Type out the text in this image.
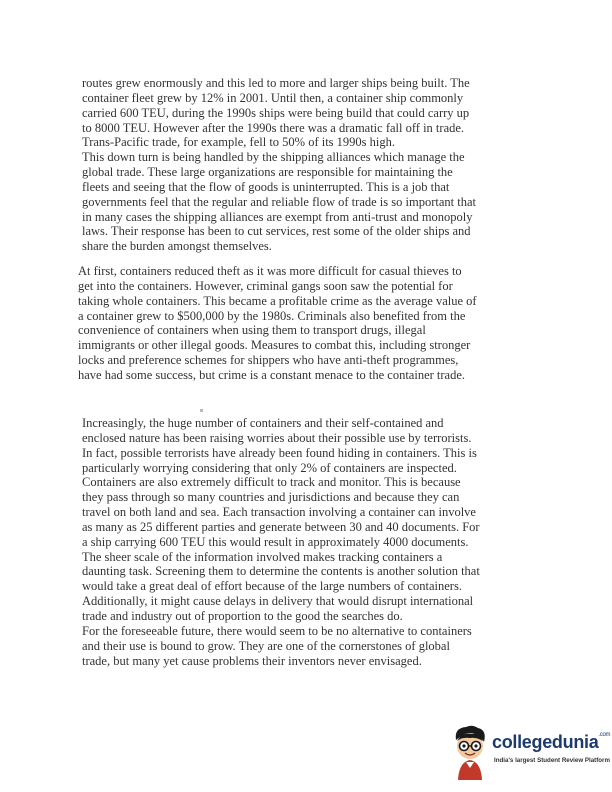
routes grew enormously and this led to more and larger ships being built. The
container fleet grew by 12% in 2001. Until then, a container ship commonly
carried 600 TEU, during the 1990s ships were being build that could carry up
to 8000 TEU. However after the 1990s there was a dramatic fall off in trade.
Trans-Pacific trade, for example, fell to 50% of its 1990s high.
This down turn is being handled by the shipping alliances which manage the
global trade. These large organizations are responsible for maintaining the
fleets and seeing that the flow of goods is uninterrupted. This is a job that
governments feel that the regular and reliable flow of trade is so important that
in many cases the shipping alliances are exempt from anti-trust and monopoly
laws. Their response has been to cut services, rest some of the older ships and
share the burden amongst themselves.
At first, containers reduced theft as it was more difficult for casual thieves to
get into the containers. However, criminal gangs soon saw the potential for
taking whole containers. This became a profitable crime as the average value of
a container grew to $500,000 by the 1980s. Criminals also benefited from the
convenience of containers when using them to transport drugs, illegal
immigrants or other illegal goods. Measures to combat this, including stronger
locks and preference schemes for shippers who have anti-theft programmes,
have had some success, but crime is a constant menace to the container trade.
Increasingly, the huge number of containers and their self-contained and
enclosed nature has been raising worries about their possible use by terrorists.
In fact, possible terrorists have already been found hiding in containers. This is
particularly worrying considering that only 2% of containers are inspected.
Containers are also extremely difficult to track and monitor. This is because
they pass through so many countries and jurisdictions and because they can
travel on both land and sea. Each transaction involving a container can involve
as many as 25 different parties and generate between 30 and 40 documents. For
a ship carrying 600 TEU this would result in approximately 4000 documents.
The sheer scale of the information involved makes tracking containers a
daunting task. Screening them to determine the contents is another solution that
would take a great deal of effort because of the large numbers of containers.
Additionally, it might cause delays in delivery that would disrupt international
trade and industry out of proportion to the good the searches do.
For the foreseeable future, there would seem to be no alternative to containers
and their use is bound to grow. They are one of the cornerstones of global
trade, but many yet cause problems their inventors never envisaged.
collegedunia$^{.com}$
India's largest Student Review Platform
